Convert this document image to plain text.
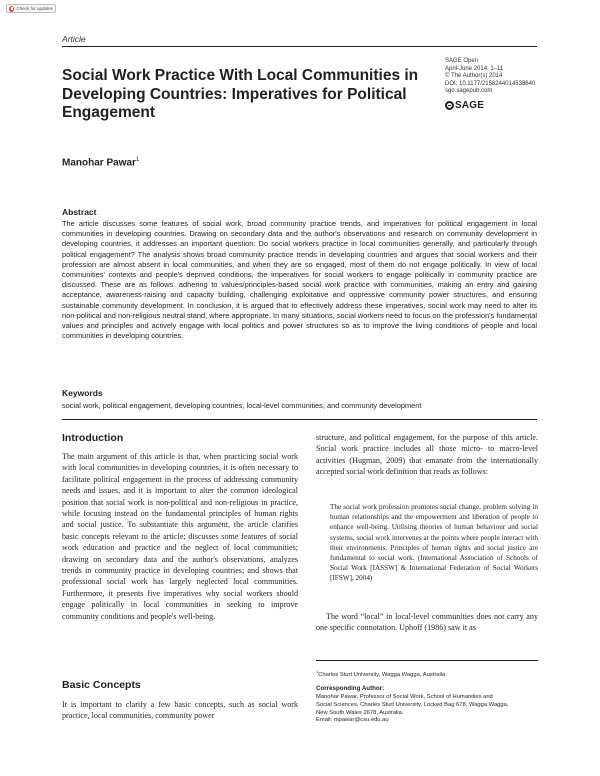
Check for updates
Article
Social Work Practice With Local Communities in Developing Countries: Imperatives for Political Engagement
SAGE Open
April-June 2014: 1–11
© The Author(s) 2014
DOI: 10.1177/2158244014538640
sgo.sagepub.com
SAGE
Manohar Pawar$^1$
Abstract
The article discusses some features of social work, broad community practice trends, and imperatives for political engagement in local communities in developing countries. Drawing on secondary data and the author's observations and research on community development in developing countries, it addresses an important question: Do social workers practice in local communities generally, and particularly through political engagement? The analysis shows broad community practice trends in developing countries and argues that social workers and their profession are almost absent in local communities, and when they are so engaged, most of them do not engage politically. In view of local communities' contexts and people's deprived conditions, the imperatives for social workers to engage politically in community practice are discussed. These are as follows: adhering to values/principles-based social work practice with communities, making an entry and gaining acceptance, awareness-raising and capacity building, challenging exploitative and oppressive community power structures, and ensuring sustainable community development. In conclusion, it is argued that to effectively address these imperatives, social work may need to alter its non-political and non-religious neutral stand, where appropriate. In many situations, social workers need to focus on the profession's fundamental values and principles and actively engage with local politics and power structures so as to improve the living conditions of people and local communities in developing countries.
Keywords
social work, political engagement, developing countries, local-level communities, and community development
Introduction
The main argument of this article is that, when practicing social work with local communities in developing countries, it is often necessary to facilitate political engagement in the process of addressing community needs and issues, and it is important to alter the common ideological position that social work is non-political and non-religious in practice, while focusing instead on the fundamental principles of human rights and social justice. To substantiate this argument, the article clarifies basic concepts relevant to the article; discusses some features of social work education and practice and the neglect of local communities; drawing on secondary data and the author's observations, analyzes trends in community practice in developing countries; and shows that professional social work has largely neglected local communities. Furthermore, it presents five imperatives why social workers should engage politically in local communities in seeking to improve community conditions and people's well-being.
Basic Concepts
It is important to clarify a few basic concepts, such as social work practice, local communities, community power
structure, and political engagement, for the purpose of this article. Social work practice includes all those micro- to macro-level activities (Hugman, 2009) that emanate from the internationally accepted social work definition that reads as follows:
The social work profession promotes social change, problem solving in human relationships and the empowerment and liberation of people to enhance well-being. Utilising theories of human behaviour and social systems, social work intervenes at the points where people interact with their environments. Principles of human rights and social justice are fundamental to social work. (International Association of Schools of Social Work [IASSW] & International Federation of Social Workers [IFSW], 2004)
The word “local” in local-level communities does not carry any one specific connotation. Uphoff (1986) saw it as
$^1$Charles Sturt University, Wagga Wagga, Australia
Corresponding Author:
Manohar Pawar, Professor of Social Work, School of Humanities and
Social Sciences, Charles Sturt University, Locked Bag 678, Wagga Wagga,
New South Wales 2678, Australia.
Email: mpawar@csu.edu.au
